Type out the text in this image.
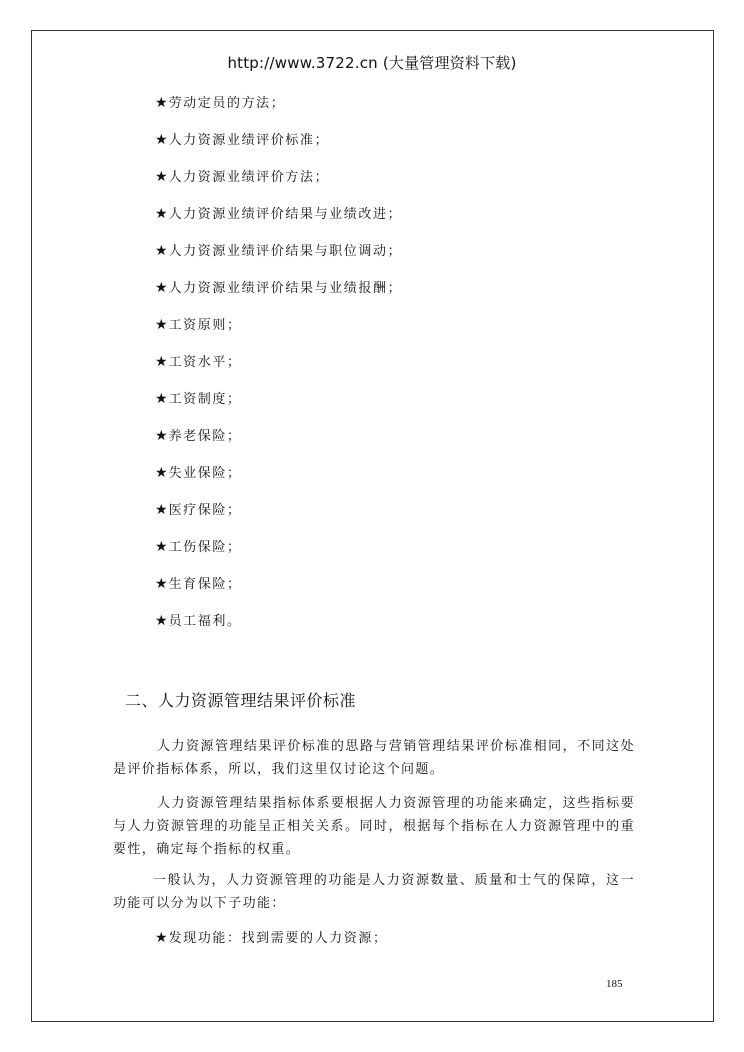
http://www.3722.cn (大量管理资料下载)
★劳动定员的方法；
★人力资源业绩评价标准；
★人力资源业绩评价方法；
★人力资源业绩评价结果与业绩改进；
★人力资源业绩评价结果与职位调动；
★人力资源业绩评价结果与业绩报酬；
★工资原则；
★工资水平；
★工资制度；
★养老保险；
★失业保险；
★医疗保险；
★工伤保险；
★生育保险；
★员工福利。
二、人力资源管理结果评价标准

人力资源管理结果评价标准的思路与营销管理结果评价标准相同，不同这处是评价指标体系，所以，我们这里仅讨论这个问题。

人力资源管理结果指标体系要根据人力资源管理的功能来确定，这些指标要与人力资源管理的功能呈正相关关系。同时，根据每个指标在人力资源管理中的重要性，确定每个指标的权重。

一般认为，人力资源管理的功能是人力资源数量、质量和士气的保障，这一功能可以分为以下子功能：

★发现功能：找到需要的人力资源；
185
